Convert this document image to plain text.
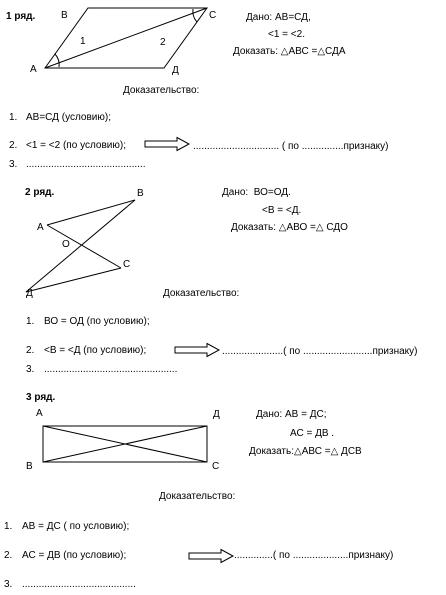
1 ряд.	В	С
А	Д
1	2
Дано: АВ=СД,
<1 = <2.
Доказать: △АВС =△СДА
Доказательство:
1. АВ=СД (условию);
2. <1 = <2 (по условию);	............................... ( по ...............признаку)
3. ...........................................
2 ряд.	В
А
О
С
Д
Дано: ВО=ОД.
<В = <Д.
Доказать: △АВО =△ СДО
Доказательство:
1. ВО = ОД (по условию);
2. <В = <Д (по условию);	......................( по .........................признаку)
3. ................................................
3 ряд.
А	Д
В	С
Дано: АВ = ДС;
АС = ДВ .
Доказать:△АВС =△ ДСВ
Доказательство:
1. АВ = ДС ( по условию);
2. АС = ДВ (по условию);	..............( по ....................признаку)
3. .........................................
